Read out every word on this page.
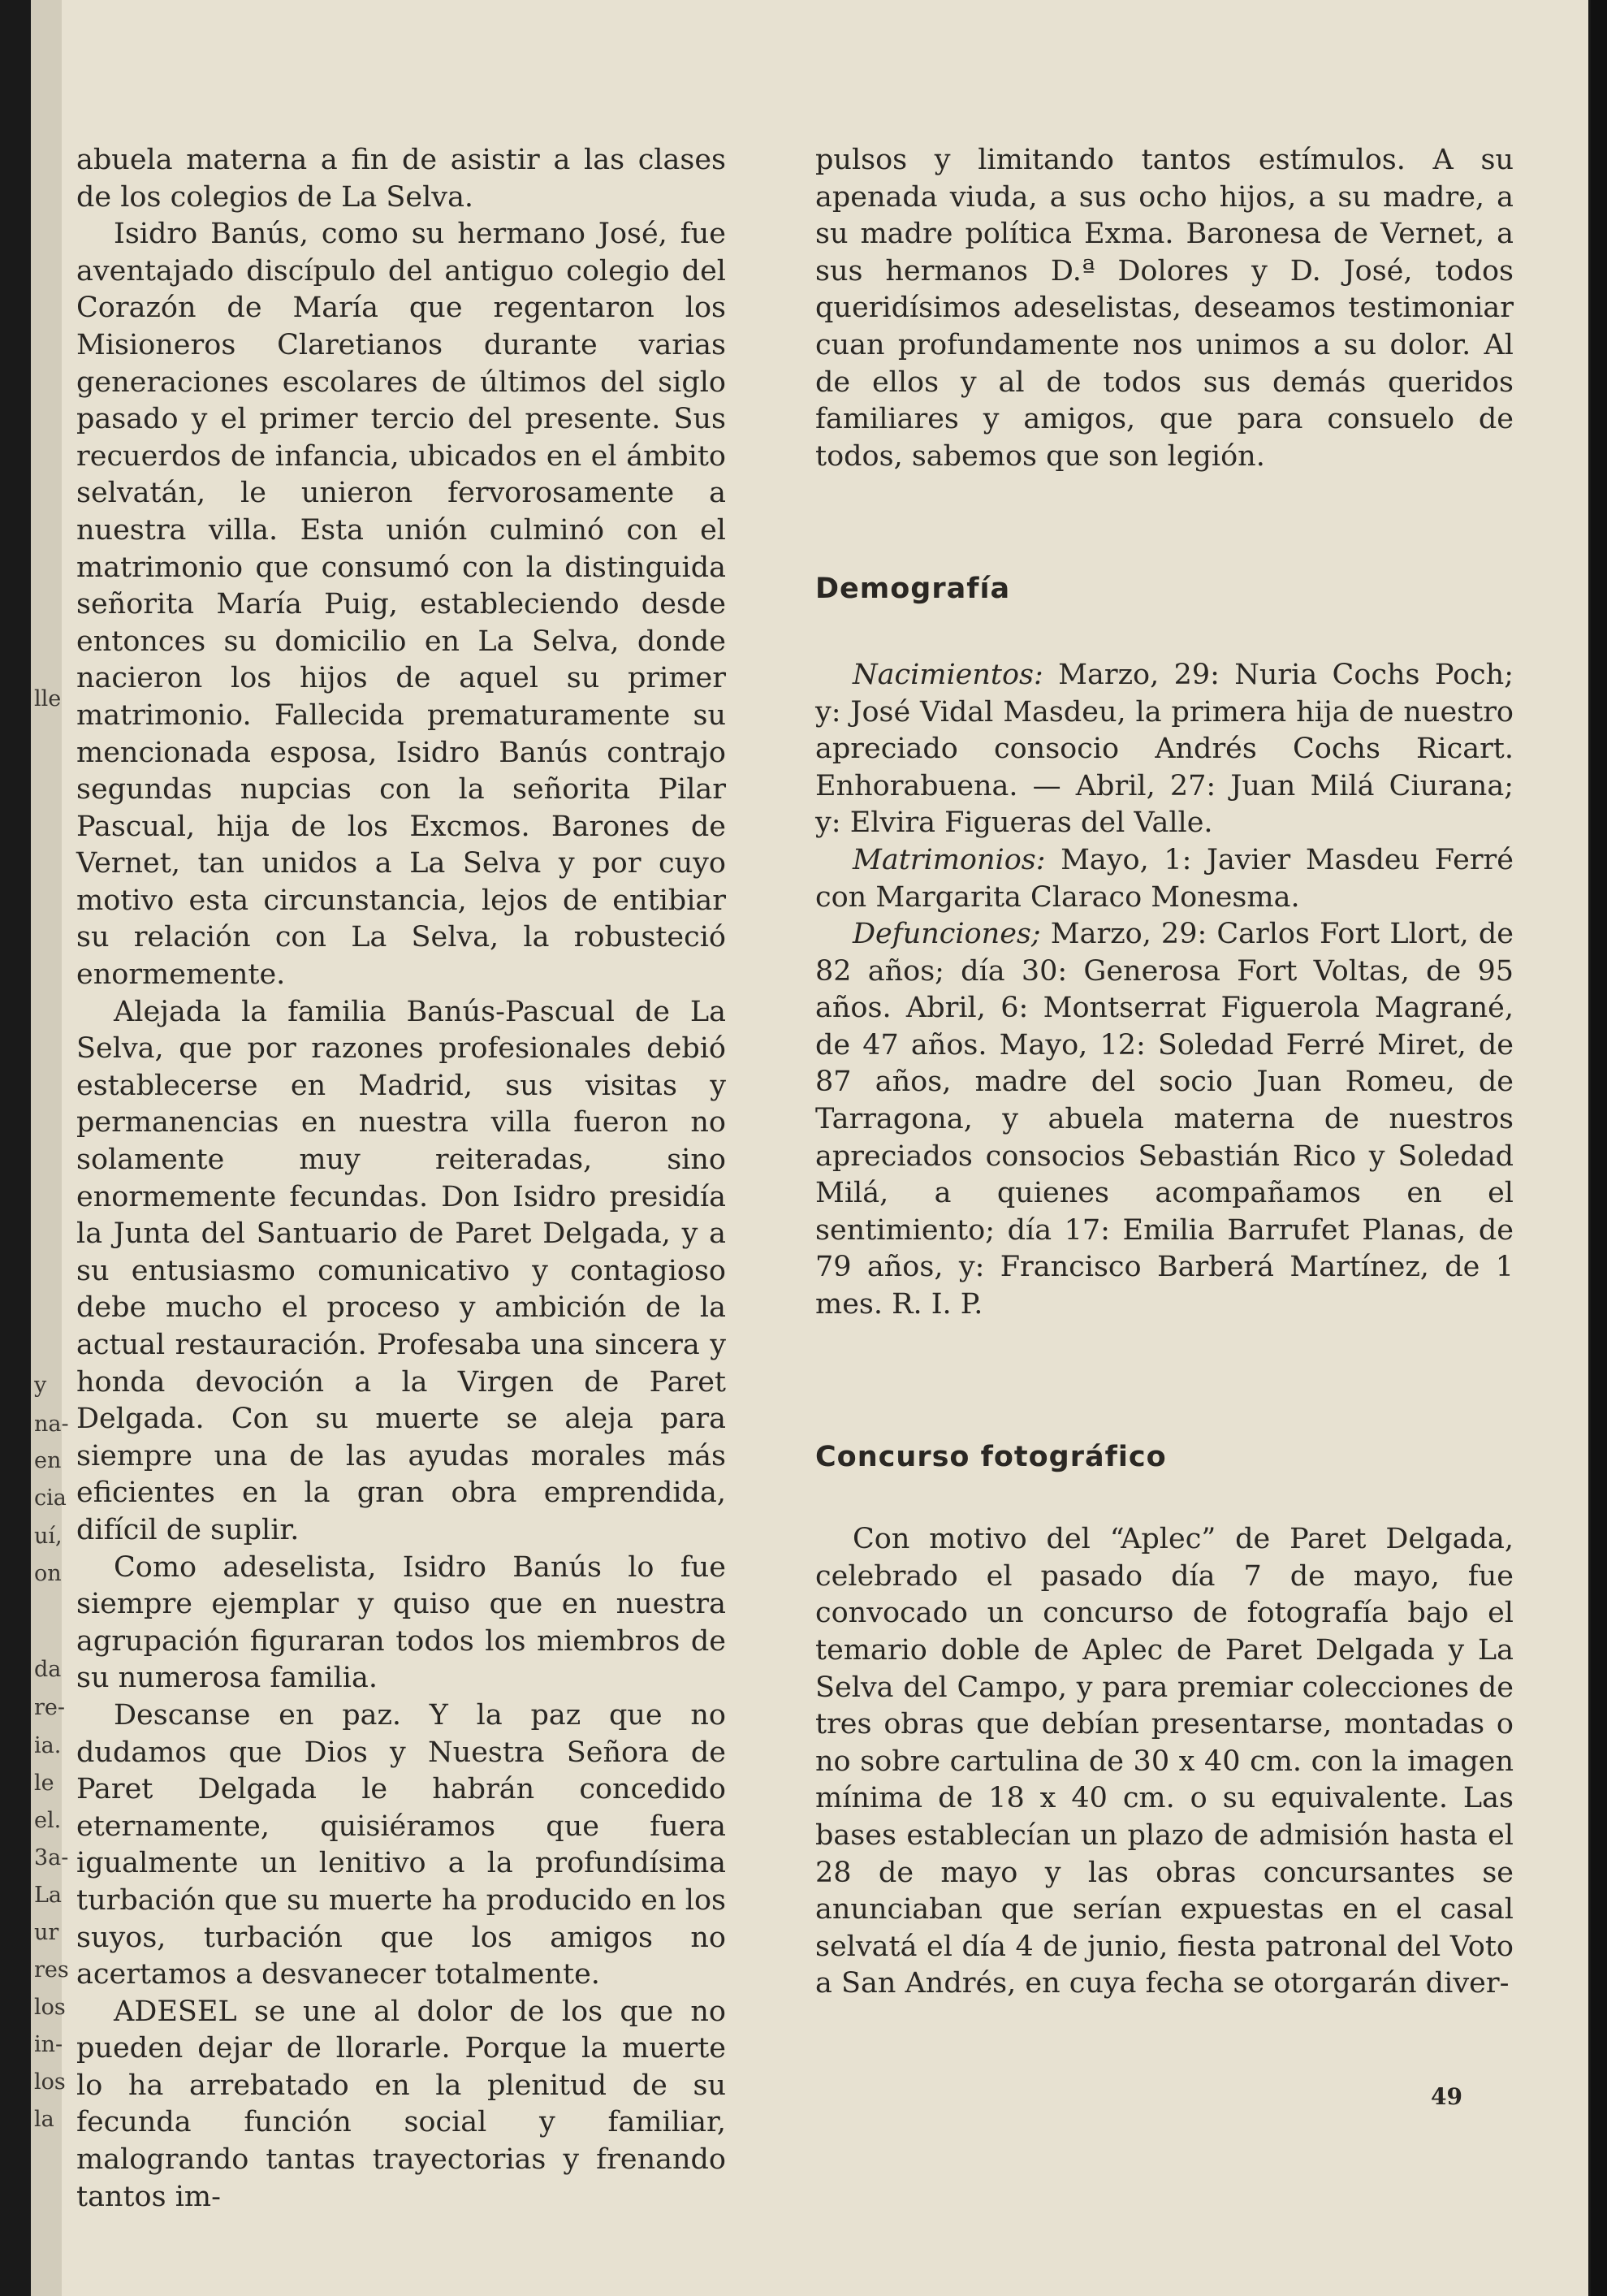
lle
y
na-
en
cia
uí,
on
da
re-
ia.
le
el.
3a-
La
ur
res
los
in-
los
la

abuela materna a fin de asistir a las clases de los colegios de La Selva.

Isidro Banús, como su hermano José, fue aventajado discípulo del antiguo colegio del Corazón de María que regentaron los Misioneros Claretianos durante varias generaciones escolares de últimos del siglo pasado y el primer tercio del presente. Sus recuerdos de infancia, ubicados en el ámbito selvatán, le unieron fervorosamente a nuestra villa. Esta unión culminó con el matrimonio que consumó con la distinguida señorita María Puig, estableciendo desde entonces su domicilio en La Selva, donde nacieron los hijos de aquel su primer matrimonio. Fallecida prematuramente su mencionada esposa, Isidro Banús contrajo segundas nupcias con la señorita Pilar Pascual, hija de los Excmos. Barones de Vernet, tan unidos a La Selva y por cuyo motivo esta circunstancia, lejos de entibiar su relación con La Selva, la robusteció enormemente.

Alejada la familia Banús-Pascual de La Selva, que por razones profesionales debió establecerse en Madrid, sus visitas y permanencias en nuestra villa fueron no solamente muy reiteradas, sino enormemente fecundas. Don Isidro presidía la Junta del Santuario de Paret Delgada, y a su entusiasmo comunicativo y contagioso debe mucho el proceso y ambición de la actual restauración. Profesaba una sincera y honda devoción a la Virgen de Paret Delgada. Con su muerte se aleja para siempre una de las ayudas morales más eficientes en la gran obra emprendida, difícil de suplir.

Como adeselista, Isidro Banús lo fue siempre ejemplar y quiso que en nuestra agrupación figuraran todos los miembros de su numerosa familia.

Descanse en paz. Y la paz que no dudamos que Dios y Nuestra Señora de Paret Delgada le habrán concedido eternamente, quisiéramos que fuera igualmente un lenitivo a la profundísima turbación que su muerte ha producido en los suyos, turbación que los amigos no acertamos a desvanecer totalmente.

ADESEL se une al dolor de los que no pueden dejar de llorarle. Porque la muerte lo ha arrebatado en la plenitud de su fecunda función social y familiar, malogrando tantas trayectorias y frenando tantos im-

pulsos y limitando tantos estímulos. A su apenada viuda, a sus ocho hijos, a su madre, a su madre política Exma. Baronesa de Vernet, a sus hermanos D.ª Dolores y D. José, todos queridísimos adeselistas, deseamos testimoniar cuan profundamente nos unimos a su dolor. Al de ellos y al de todos sus demás queridos familiares y amigos, que para consuelo de todos, sabemos que son legión.

Demografía

Nacimientos: Marzo, 29: Nuria Cochs Poch; y: José Vidal Masdeu, la primera hija de nuestro apreciado consocio Andrés Cochs Ricart. Enhorabuena. — Abril, 27: Juan Milá Ciurana; y: Elvira Figueras del Valle.

Matrimonios: Mayo, 1: Javier Masdeu Ferré con Margarita Claraco Monesma.

Defunciones; Marzo, 29: Carlos Fort Llort, de 82 años; día 30: Generosa Fort Voltas, de 95 años. Abril, 6: Montserrat Figuerola Magrané, de 47 años. Mayo, 12: Soledad Ferré Miret, de 87 años, madre del socio Juan Romeu, de Tarragona, y abuela materna de nuestros apreciados consocios Sebastián Rico y Soledad Milá, a quienes acompañamos en el sentimiento; día 17: Emilia Barrufet Planas, de 79 años, y: Francisco Barberá Martínez, de 1 mes. R. I. P.

Concurso fotográfico

Con motivo del “Aplec” de Paret Delgada, celebrado el pasado día 7 de mayo, fue convocado un concurso de fotografía bajo el temario doble de Aplec de Paret Delgada y La Selva del Campo, y para premiar colecciones de tres obras que debían presentarse, montadas o no sobre cartulina de 30 x 40 cm. con la imagen mínima de 18 x 40 cm. o su equivalente. Las bases establecían un plazo de admisión hasta el 28 de mayo y las obras concursantes se anunciaban que serían expuestas en el casal selvatá el día 4 de junio, fiesta patronal del Voto a San Andrés, en cuya fecha se otorgarán diver-

49
